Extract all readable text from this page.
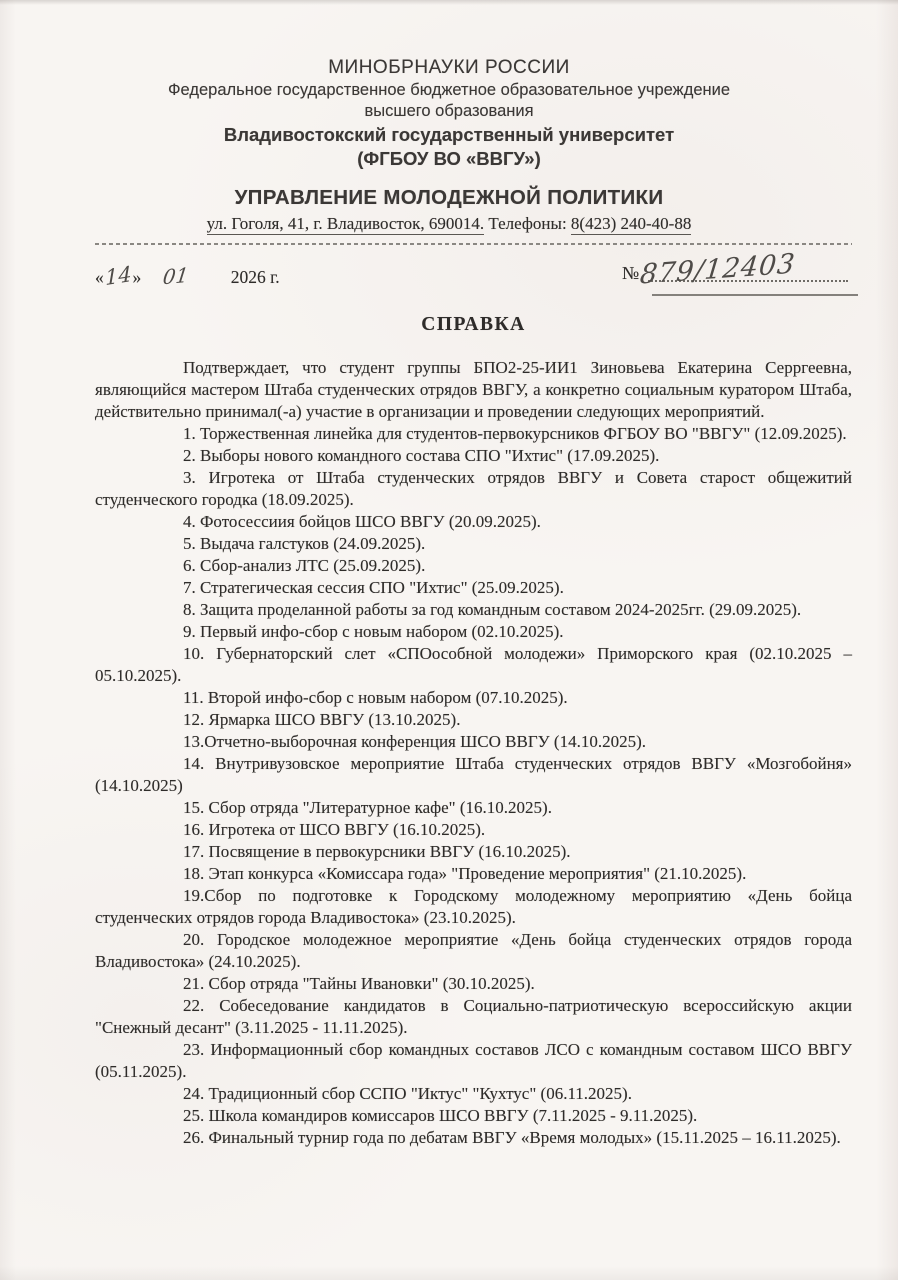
МИНОБРНАУКИ РОССИИ
Федеральное государственное бюджетное образовательное учреждение
высшего образования
Владивостокский государственный университет
(ФГБОУ ВО «ВВГУ»)
УПРАВЛЕНИЕ МОЛОДЕЖНОЙ ПОЛИТИКИ
ул. Гоголя, 41, г. Владивосток, 690014. Телефоны: 8(423) 240-40-88
« 14 » 01 2026 г.	№ 879/12403
СПРАВКА

Подтверждает, что студент группы БПО2-25-ИИ1 Зиновьева Екатерина Серргеевна, являющийся мастером Штаба студенческих отрядов ВВГУ, а конкретно социальным куратором Штаба, действительно принимал(-а) участие в организации и проведении следующих мероприятий.

1. Торжественная линейка для студентов-первокурсников ФГБОУ ВО "ВВГУ" (12.09.2025).

2. Выборы нового командного состава СПО "Ихтис" (17.09.2025).

3. Игротека от Штаба студенческих отрядов ВВГУ и Совета старост общежитий студенческого городка (18.09.2025).

4. Фотосессиия бойцов ШСО ВВГУ (20.09.2025).

5. Выдача галстуков (24.09.2025).

6. Сбор-анализ ЛТС (25.09.2025).

7. Стратегическая сессия СПО "Ихтис" (25.09.2025).

8. Защита проделанной работы за год командным составом 2024-2025гг. (29.09.2025).

9. Первый инфо-сбор с новым набором (02.10.2025).

10. Губернаторский слет «СПОособной молодежи» Приморского края (02.10.2025 – 05.10.2025).

11. Второй инфо-сбор с новым набором (07.10.2025).

12. Ярмарка ШСО ВВГУ (13.10.2025).

13.Отчетно-выборочная конференция ШСО ВВГУ (14.10.2025).

14. Внутривузовское мероприятие Штаба студенческих отрядов ВВГУ «Мозгобойня» (14.10.2025)

15. Сбор отряда "Литературное кафе" (16.10.2025).

16. Игротека от ШСО ВВГУ (16.10.2025).

17. Посвящение в первокурсники ВВГУ (16.10.2025).

18. Этап конкурса «Комиссара года» "Проведение мероприятия" (21.10.2025).

19.Сбор по подготовке к Городскому молодежному мероприятию «День бойца студенческих отрядов города Владивостока» (23.10.2025).

20. Городское молодежное мероприятие «День бойца студенческих отрядов города Владивостока» (24.10.2025).

21. Сбор отряда "Тайны Ивановки" (30.10.2025).

22. Собеседование кандидатов в Социально-патриотическую всероссийскую акции "Снежный десант" (3.11.2025 - 11.11.2025).

23. Информационный сбор командных составов ЛСО с командным составом ШСО ВВГУ (05.11.2025).

24. Традиционный сбор ССПО "Иктус" "Кухтус" (06.11.2025).

25. Школа командиров комиссаров ШСО ВВГУ (7.11.2025 - 9.11.2025).

26. Финальный турнир года по дебатам ВВГУ «Время молодых» (15.11.2025 – 16.11.2025).
